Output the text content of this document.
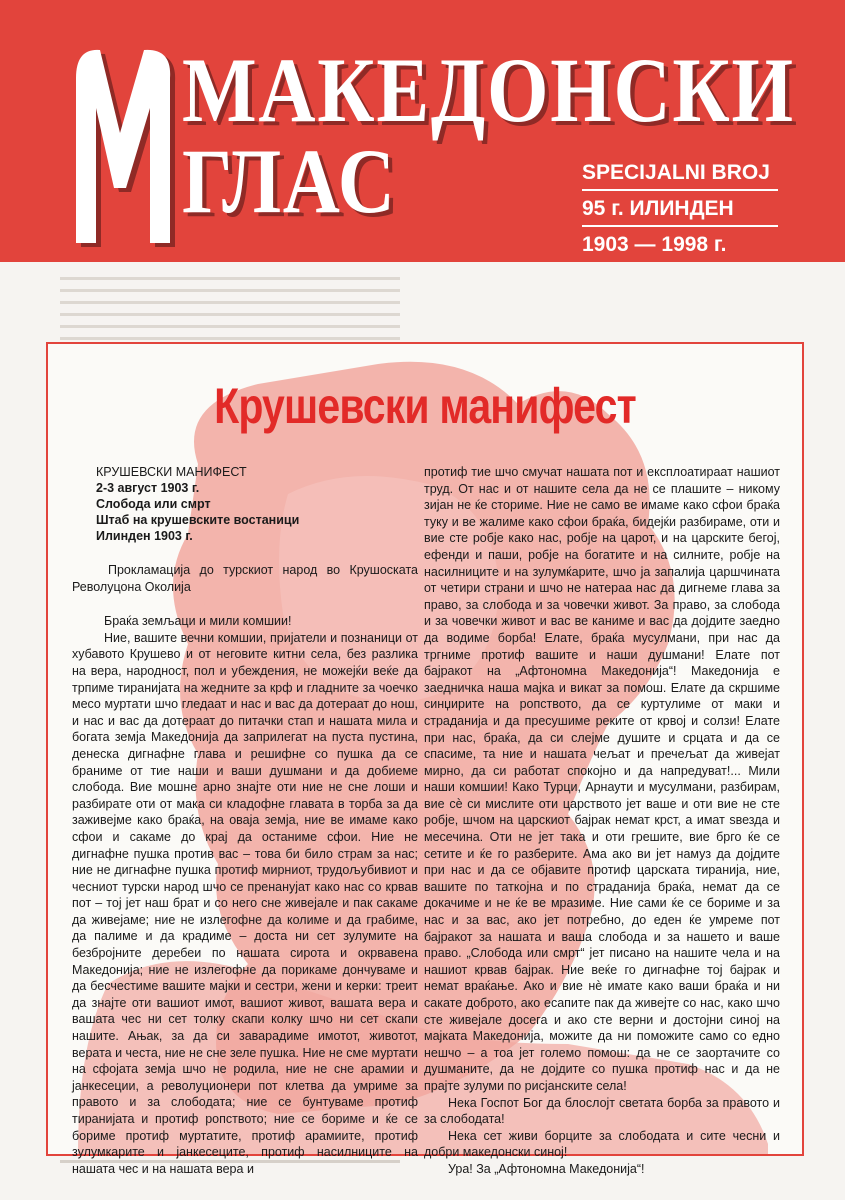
МАКЕДОНСКИ
ГЛАС	SPECIJALNI BROJ
95 г. ИЛИНДЕН
1903 — 1998 г.
Крушевски манифест

КРУШЕВСКИ МАНИФЕСТ
2-3 август 1903 г.
Слобода или смрт
Штаб на крушевските востаници
Илинден 1903 г.

Прокламација до турскиот народ во Крушоската Револуцона Околија

Браќа земљаци и мили комшии!

Ние, вашите вечни комшии, пријатели и познаници от хубавото Крушево и от неговите китни села, без разлика на вера, народност, пол и убеждения, не можејќи веќе да трпиме тиранијата на жедните за крф и гладните за чоечко месо муртати шчо гледаат и нас и вас да дотераат до нош, и нас и вас да дотераат до питачки стап и нашата мила и богата земја Македонија да заприлегат на пуста пустина, денеска дигнафне глава и решифне со пушка да се браниме от тие наши и ваши душмани и да добиеме слобода. Вие мошне арно знајте оти ние не сне лоши и разбирате оти от мака си кладофне главата в торба за да заживејме како браќа, на оваја земја, ние ве имаме како сфои и сакаме до крај да останиме сфои. Ние не дигнафне пушка против вас – това би било страм за нас; ние не дигнафне пушка протиф мирниот, трудољубивиот и чесниот турски народ шчо се пренанујат како нас со крвав пот – тој јет наш брат и со него сне живејале и пак сакаме да живејаме; ние не излегофне да колиме и да грабиме, да палиме и да крадиме – доста ни сет зулумите на безбројните деребеи по нашата сирота и окрвавена Македонија; ние не излегофне да порикаме дончуваме и да бесчестиме вашите мајки и сестри, жени и керки: треит да знајте оти вашиот имот, вашиот живот, вашата вера и вашата чес ни сет толку скапи колку шчо ни сет скапи нашите. Ањак, за да си заварадиме имотот, животот, верата и честа, ние не сне зеле пушка. Ние не сме муртати на сфојата земја шчо не родила, ние не сне арамии и јанкесеции, а револуционери пот клетва да умриме за правото и за слободата; ние се бунтуваме протиф тиранијата и протиф ропството; ние се бориме и ќе се бориме протиф муртатите, протиф арамиите, протиф зулумкарите и јанкесеците, протиф насилниците на нашата чес и на нашата вера и

протиф тие шчо смучат нашата пот и експлоатираат нашиот труд. От нас и от нашите села да не се плашите – никому зијан не ќе сториме. Ние не само ве имаме како сфои браќа туку и ве жалиме како сфои браќа, бидејќи разбираме, оти и вие сте робје како нас, робје на царот, и на царските бегој, ефенди и паши, робје на богатите и на силните, робје на насилниците и на зулумќарите, шчо ја запалија царшчината от четири страни и шчо не натераа нас да дигнеме глава за право, за слобода и за човечки живот. За право, за слобода и за човечки живот и вас ве каниме и вас да дојдите заедно да водиме борба! Елате, браќа мусулмани, при нас да тргниме протиф вашите и наши душмани! Елате пот бајракот на „Афтономна Македонија“! Македонија е заедничка наша мајка и викат за помош. Елате да скршиме синџирите на ропството, да се куртулиме от маки и страданија и да пресушиме реките от крвој и солзи! Елате при нас, браќа, да си слејме душите и срцата и да се спасиме, та ние и нашата чељат и пречељат да живејат мирно, да си работат спокојно и да напредуват!... Мили наши комшии! Како Турци, Арнаути и мусулмани, разбирам, вие сѐ си мислите оти царството јет ваше и оти вие не сте робје, шчом на царскиот бајрак немат крст, а имат ѕвезда и месечина. Оти не јет така и оти грешите, вие брго ќе се сетите и ќе го разберите. Ама ако ви јет намуз да дојдите при нас и да се објавите протиф царската тиранија, ние, вашите по таткојна и по страданија браќа, немат да се докачиме и не ќе ве мразиме. Ние сами ќе се бориме и за нас и за вас, ако јет потребно, до еден ќе умреме пот бајракот за нашата и ваша слобода и за нашето и ваше право. „Слобода или смрт“ јет писано на нашите чела и на нашиот крвав бајрак. Ние веќе го дигнафне тој бајрак и немат враќање. Ако и вие нѐ имате како ваши браќа и ни сакате доброто, ако есапите пак да живејте со нас, како шчо сте живејале досега и ако сте верни и достојни синој на мајката Македонија, можите да ни поможите само со едно нешчо – а тоа јет големо помош: да не се заортачите со душманите, да не дојдите со пушка протиф нас и да не прајте зулуми по рисјанските села!

Нека Госпот Бог да блослојт светата борба за правото и за слободата!

Нека сет живи борците за слободата и сите чесни и добри македонски синој!

Ура! За „Афтономна Македонија“!
